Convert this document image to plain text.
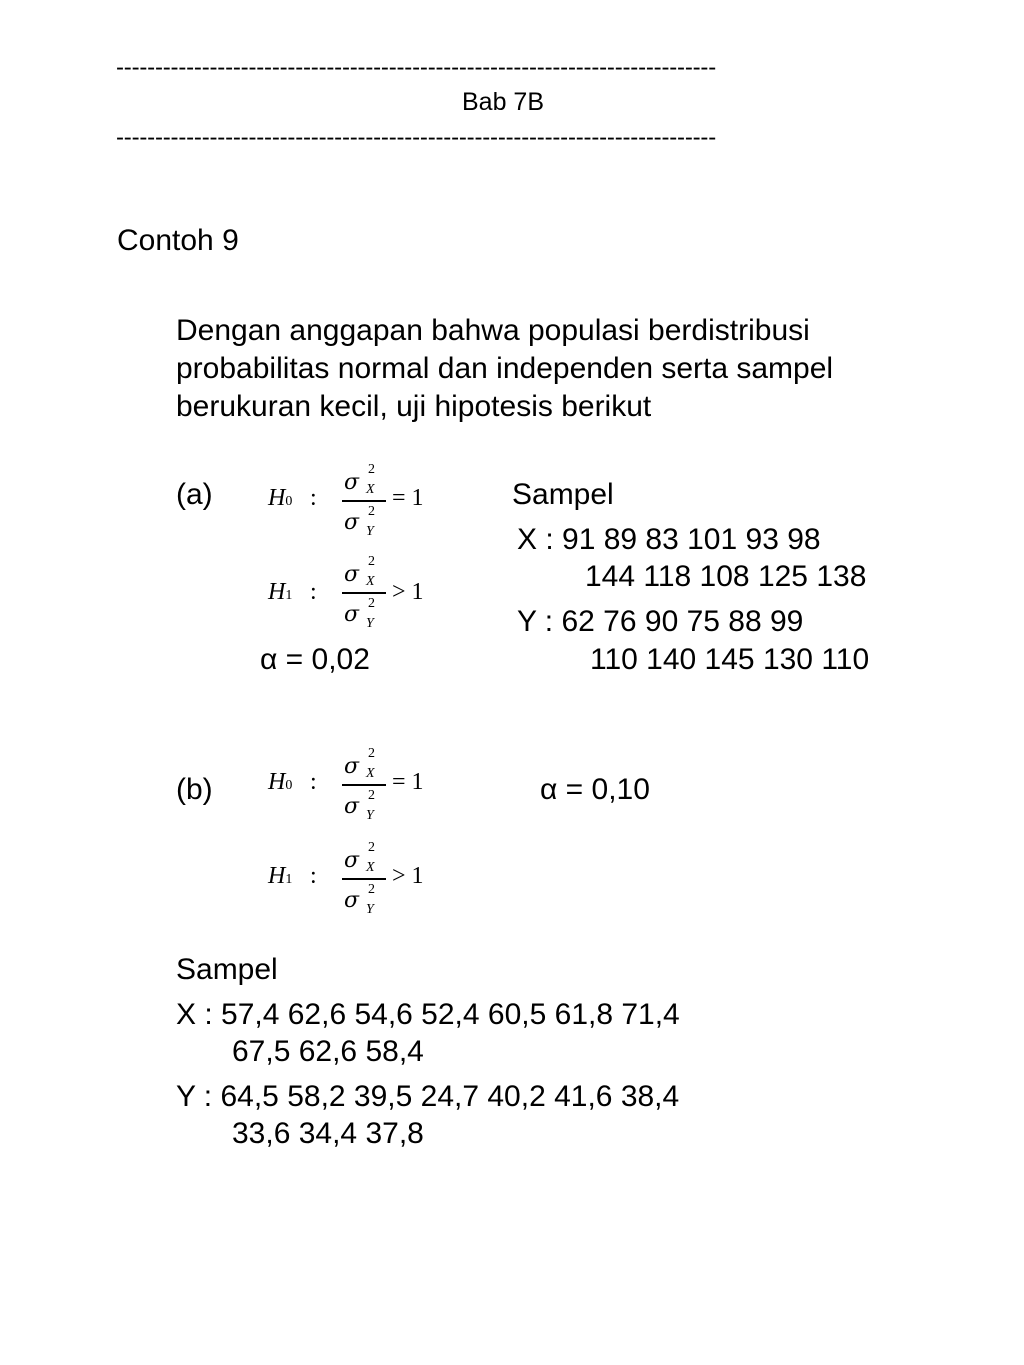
-----------------------------------------------------------------------------
Bab 7B
-----------------------------------------------------------------------------
Contoh 9
Dengan anggapan bahwa populasi berdistribusi
probabilitas normal dan independen serta sampel
berukuran kecil, uji hipotesis berikut
(a) H0 :
σ
2
X
σ 2
Y
= 1
H1 :
σ
2
X
σ 2
Y
> 1
α = 0,02
Sampel
X : 91 89 83 101 93 98
144 118 108 125 138
Y : 62 76 90 75 88 99
110 140 145 130 110
(b) H0 :
σ
2
X
σ 2
Y
= 1
H1 :
σ
2
X
σ 2
Y
> 1
α = 0,10
Sampel
X : 57,4 62,6 54,6 52,4 60,5 61,8 71,4
67,5 62,6 58,4
Y : 64,5 58,2 39,5 24,7 40,2 41,6 38,4
33,6 34,4 37,8
